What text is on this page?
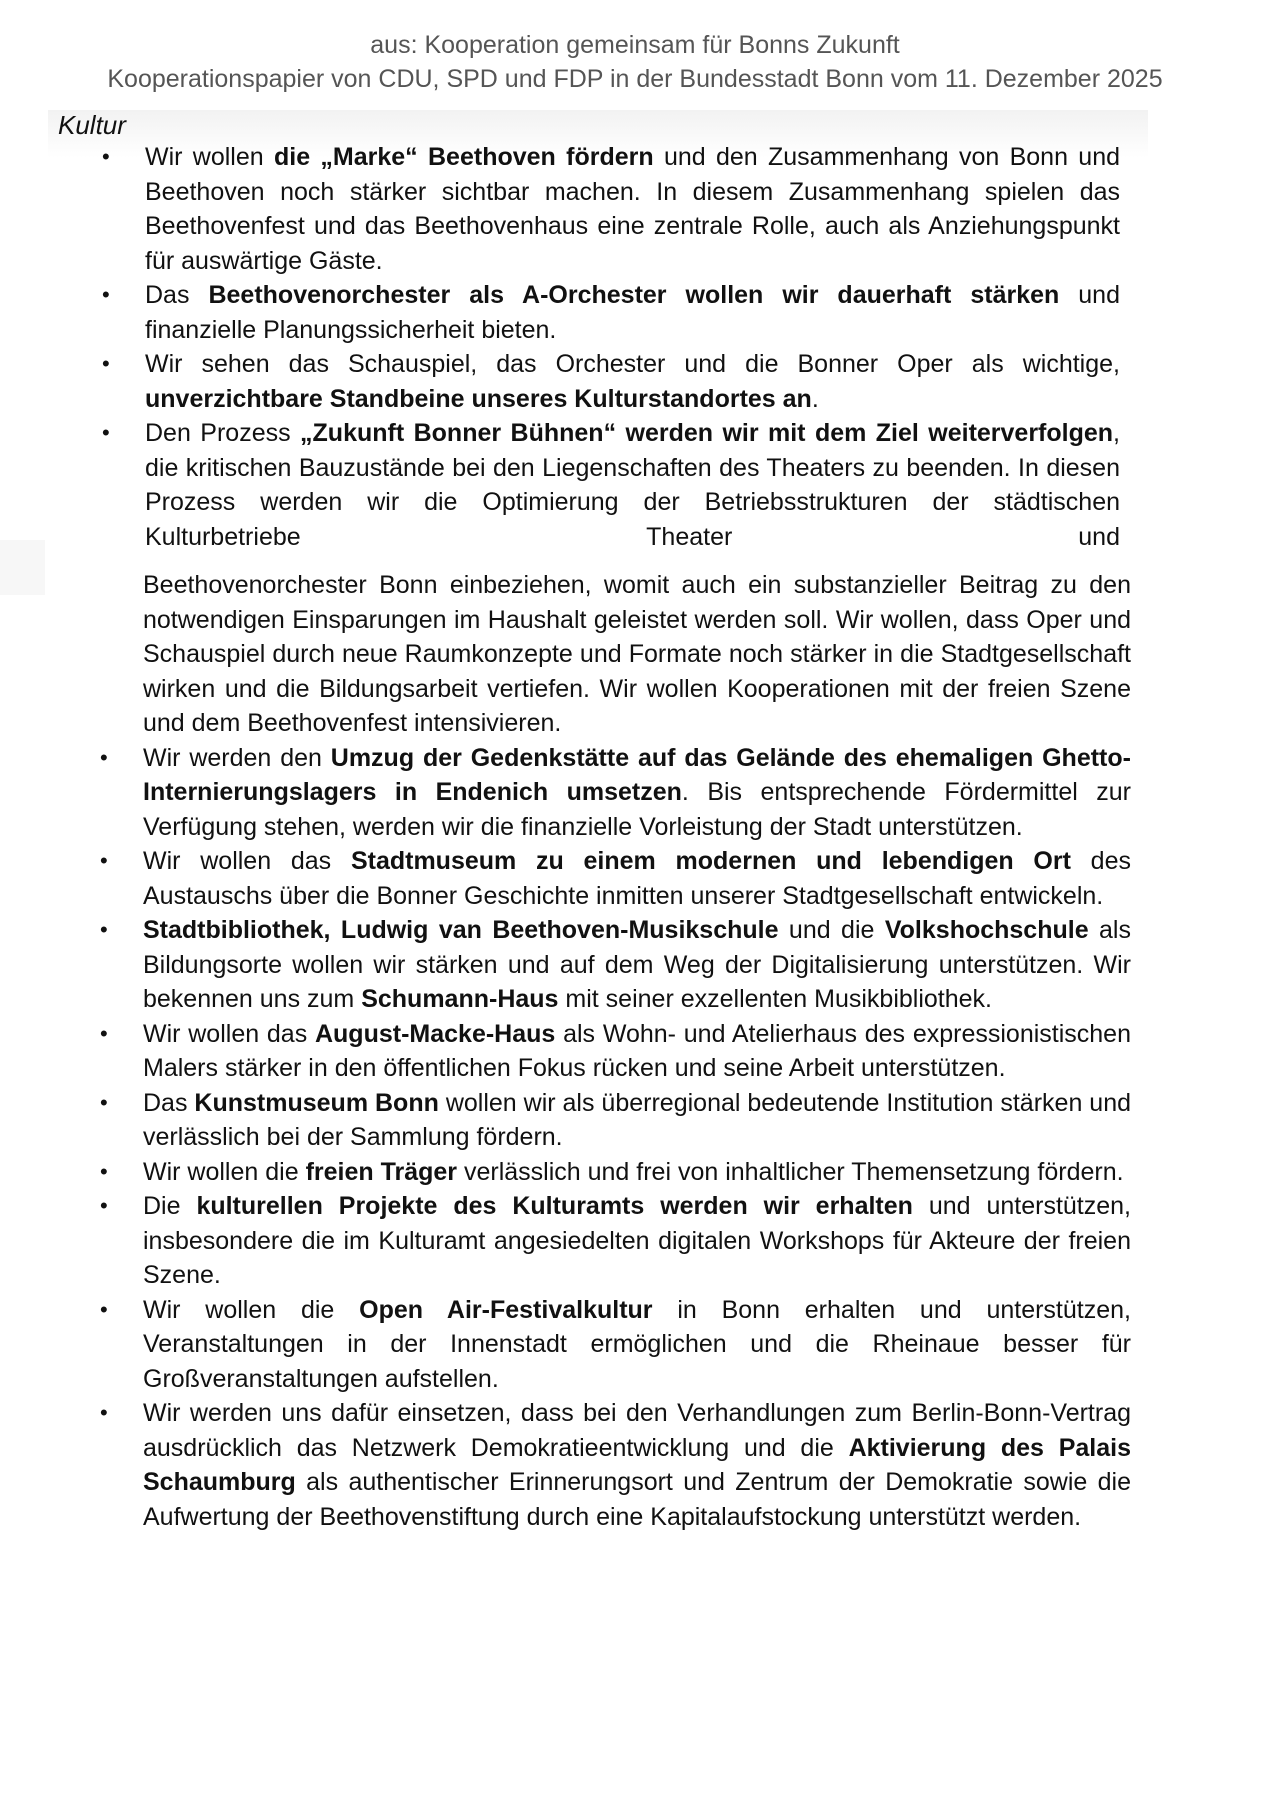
aus: Kooperation gemeinsam für Bonns Zukunft
Kooperationspapier von CDU, SPD und FDP in der Bundesstadt Bonn vom 11. Dezember 2025
Kultur
• Wir wollen die „Marke“ Beethoven fördern und den Zusammenhang von Bonn und Beethoven noch stärker sichtbar machen. In diesem Zusammenhang spielen das Beethovenfest und das Beethovenhaus eine zentrale Rolle, auch als Anziehungspunkt für auswärtige Gäste.
• Das Beethovenorchester als A-Orchester wollen wir dauerhaft stärken und finanzielle Planungssicherheit bieten.
• Wir sehen das Schauspiel, das Orchester und die Bonner Oper als wichtige, unverzichtbare Standbeine unseres Kulturstandortes an.
• Den Prozess „Zukunft Bonner Bühnen“ werden wir mit dem Ziel weiterverfolgen, die kritischen Bauzustände bei den Liegenschaften des Theaters zu beenden. In diesen Prozess werden wir die Optimierung der Betriebsstrukturen der städtischen Kulturbetriebe Theater und
Beethovenorchester Bonn einbeziehen, womit auch ein substanzieller Beitrag zu den notwendigen Einsparungen im Haushalt geleistet werden soll. Wir wollen, dass Oper und Schauspiel durch neue Raumkonzepte und Formate noch stärker in die Stadtgesellschaft wirken und die Bildungsarbeit vertiefen. Wir wollen Kooperationen mit der freien Szene und dem Beethovenfest intensivieren.
• Wir werden den Umzug der Gedenkstätte auf das Gelände des ehemaligen Ghetto-Internierungslagers in Endenich umsetzen. Bis entsprechende Fördermittel zur Verfügung stehen, werden wir die finanzielle Vorleistung der Stadt unterstützen.
• Wir wollen das Stadtmuseum zu einem modernen und lebendigen Ort des Austauschs über die Bonner Geschichte inmitten unserer Stadtgesellschaft entwickeln.
• Stadtbibliothek, Ludwig van Beethoven-Musikschule und die Volkshochschule als Bildungsorte wollen wir stärken und auf dem Weg der Digitalisierung unterstützen. Wir bekennen uns zum Schumann-Haus mit seiner exzellenten Musikbibliothek.
• Wir wollen das August-Macke-Haus als Wohn- und Atelierhaus des expressionistischen Malers stärker in den öffentlichen Fokus rücken und seine Arbeit unterstützen.
• Das Kunstmuseum Bonn wollen wir als überregional bedeutende Institution stärken und verlässlich bei der Sammlung fördern.
• Wir wollen die freien Träger verlässlich und frei von inhaltlicher Themensetzung fördern.
• Die kulturellen Projekte des Kulturamts werden wir erhalten und unterstützen, insbesondere die im Kulturamt angesiedelten digitalen Workshops für Akteure der freien Szene.
• Wir wollen die Open Air-Festivalkultur in Bonn erhalten und unterstützen, Veranstaltungen in der Innenstadt ermöglichen und die Rheinaue besser für Großveranstaltungen aufstellen.
• Wir werden uns dafür einsetzen, dass bei den Verhandlungen zum Berlin-Bonn-Vertrag ausdrücklich das Netzwerk Demokratieentwicklung und die Aktivierung des Palais Schaumburg als authentischer Erinnerungsort und Zentrum der Demokratie sowie die Aufwertung der Beethovenstiftung durch eine Kapitalaufstockung unterstützt werden.
